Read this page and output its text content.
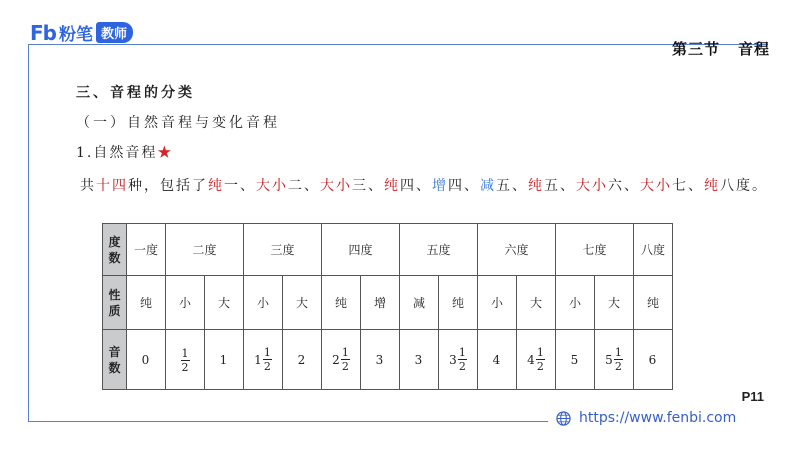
Fb 粉笔 教师
第三节 音程
三、音程的分类
（一）自然音程与变化音程
1.自然音程★
共十四种，包括了纯一、大小二、大小三、纯四、增四、减五、纯五、大小六、大小七、纯八度。
度数	一度	二度		三度		四度		五度		六度		七度		八度
性质	纯	小	大	小	大	纯	增	减	纯	小	大	小	大	纯
音数	0	$\frac{1}{2}$	1	$1 \frac{1}{2}$	2	$2 \frac{1}{2}$	3	3	$3 \frac{1}{2}$	4	$4 \frac{1}{2}$	5	$5 \frac{1}{2}$	6
P11
https://www.fenbi.com
